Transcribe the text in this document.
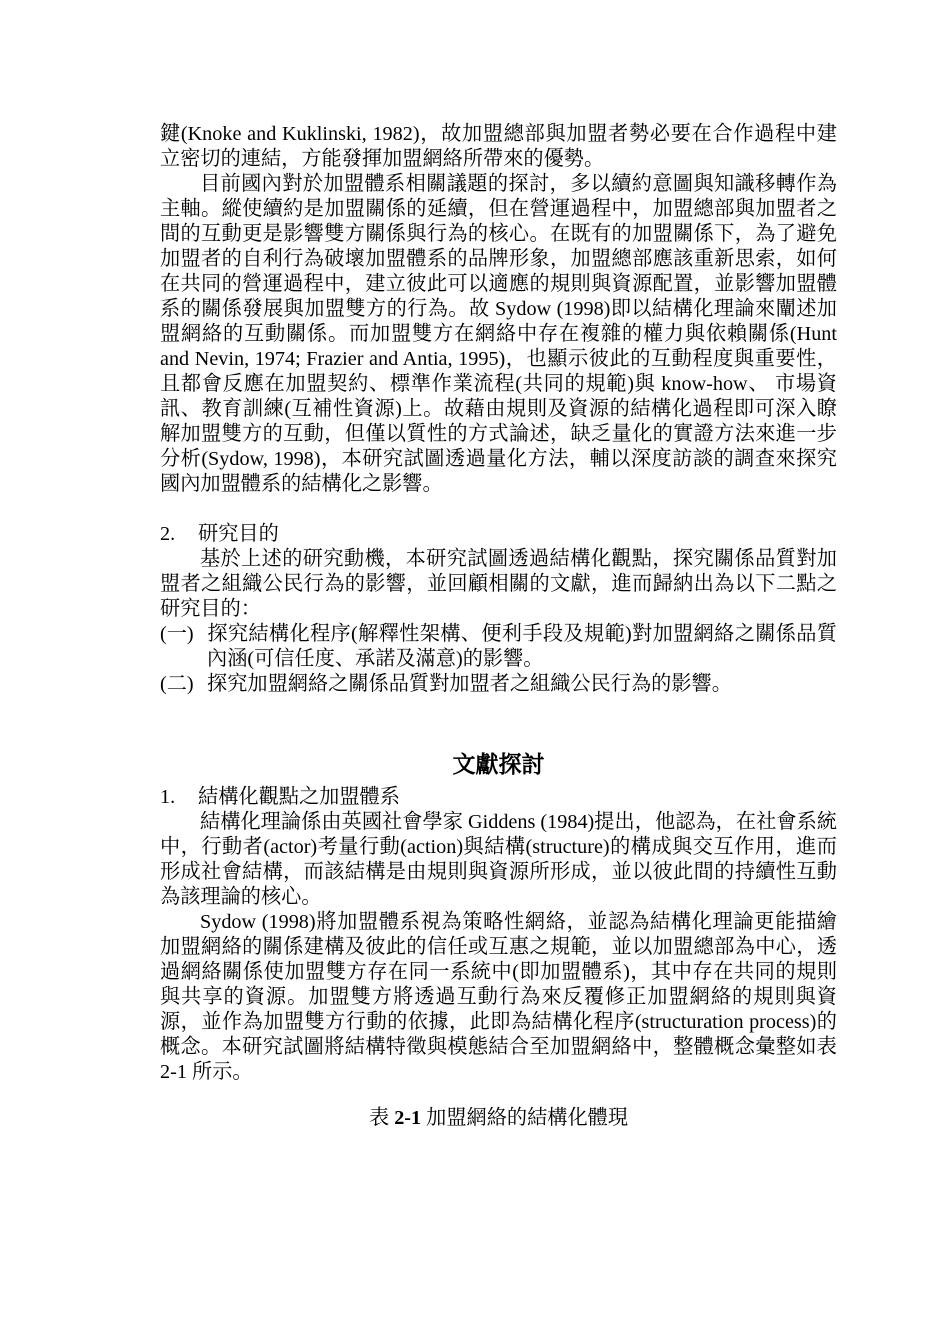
鍵(Knoke and Kuklinski, 1982)，故加盟總部與加盟者勢必要在合作過程中建立密切的連結，方能發揮加盟網絡所帶來的優勢。

目前國內對於加盟體系相關議題的探討，多以續約意圖與知識移轉作為主軸。縱使續約是加盟關係的延續，但在營運過程中，加盟總部與加盟者之間的互動更是影響雙方關係與行為的核心。在既有的加盟關係下，為了避免加盟者的自利行為破壞加盟體系的品牌形象，加盟總部應該重新思索，如何在共同的營運過程中，建立彼此可以適應的規則與資源配置，並影響加盟體系的關係發展與加盟雙方的行為。故 Sydow (1998)即以結構化理論來闡述加盟網絡的互動關係。而加盟雙方在網絡中存在複雜的權力與依賴關係(Hunt and Nevin, 1974; Frazier and Antia, 1995)，也顯示彼此的互動程度與重要性，且都會反應在加盟契約、標準作業流程(共同的規範)與 know-how、 市場資訊、教育訓練(互補性資源)上。故藉由規則及資源的結構化過程即可深入瞭解加盟雙方的互動，但僅以質性的方式論述，缺乏量化的實證方法來進一步分析(Sydow, 1998)，本研究試圖透過量化方法，輔以深度訪談的調查來探究國內加盟體系的結構化之影響。

2. 研究目的

基於上述的研究動機，本研究試圖透過結構化觀點，探究關係品質對加盟者之組織公民行為的影響，並回顧相關的文獻，進而歸納出為以下二點之研究目的：

(一) 探究結構化程序(解釋性架構、便利手段及規範)對加盟網絡之關係品質內涵(可信任度、承諾及滿意)的影響。

(二) 探究加盟網絡之關係品質對加盟者之組織公民行為的影響。

文獻探討

1. 結構化觀點之加盟體系

結構化理論係由英國社會學家 Giddens (1984)提出，他認為，在社會系統中，行動者(actor)考量行動(action)與結構(structure)的構成與交互作用，進而形成社會結構，而該結構是由規則與資源所形成，並以彼此間的持續性互動為該理論的核心。

Sydow (1998)將加盟體系視為策略性網絡，並認為結構化理論更能描繪加盟網絡的關係建構及彼此的信任或互惠之規範，並以加盟總部為中心，透過網絡關係使加盟雙方存在同一系統中(即加盟體系)，其中存在共同的規則與共享的資源。加盟雙方將透過互動行為來反覆修正加盟網絡的規則與資源，並作為加盟雙方行動的依據，此即為結構化程序(structuration process)的概念。本研究試圖將結構特徵與模態結合至加盟網絡中，整體概念彙整如表 2-1 所示。

表 2-1 加盟網絡的結構化體現
